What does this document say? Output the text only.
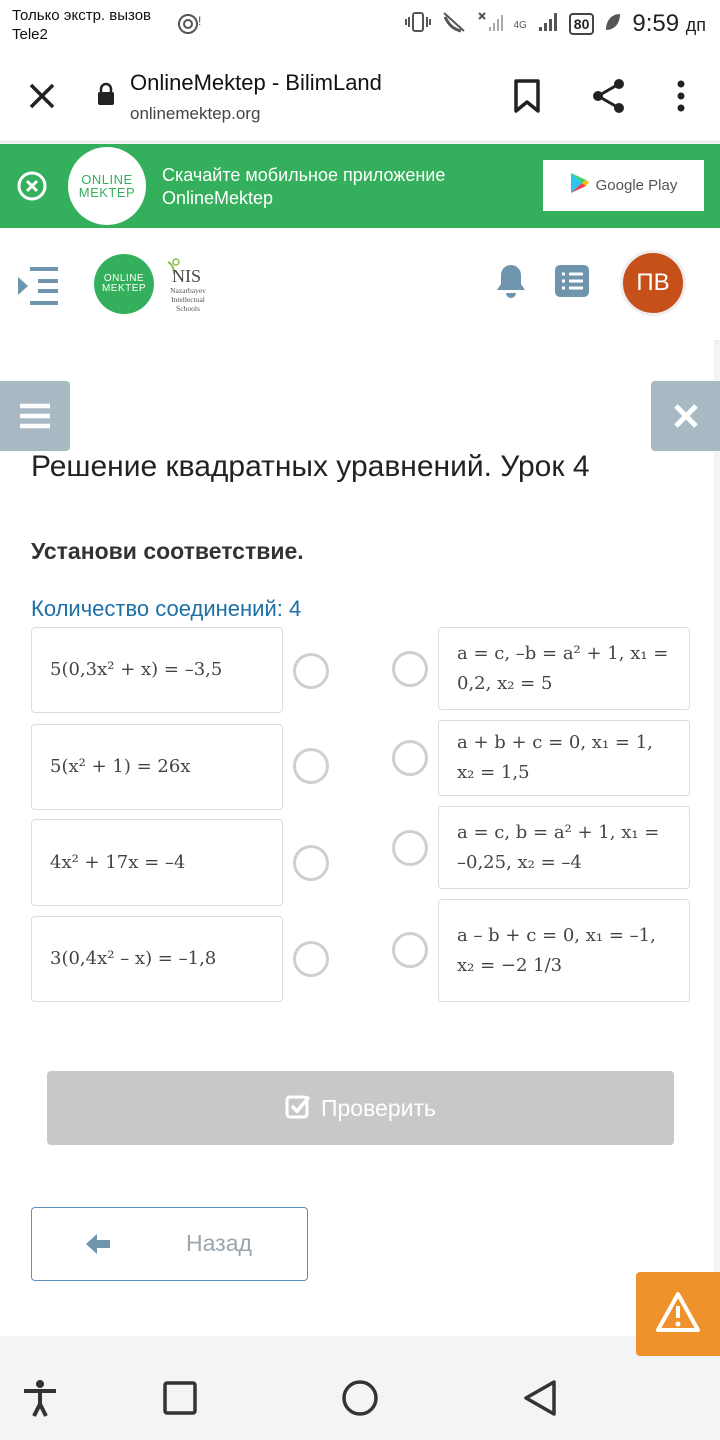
Только экстр. вызов
Tele2
!	4G	80 9:59 дп
OnlineMektep - BilimLand
onlinemektep.org
ONLINE
MEKTEP
Скачайте мобильное приложение
OnlineMektep
Google Play
ONLINE
MEKTEP
NIS
Nazarbayev Intellectual Schools
ПВ
Решение квадратных уравнений. Урок 4
Установи соответствие.
Количество соединений: 4
5(0,3x² + x) = –3,5
5(x² + 1) = 26x
4x² + 17x = –4
3(0,4x² – x) = –1,8
a = c, –b = a² + 1, x₁ = 0,2, x₂ = 5
a + b + c = 0, x₁ = 1, x₂ = 1,5
a = c, b = a² + 1, x₁ = –0,25, x₂ = –4
a – b + c = 0, x₁ = –1, x₂ = −2 1/3
Проверить
Назад
